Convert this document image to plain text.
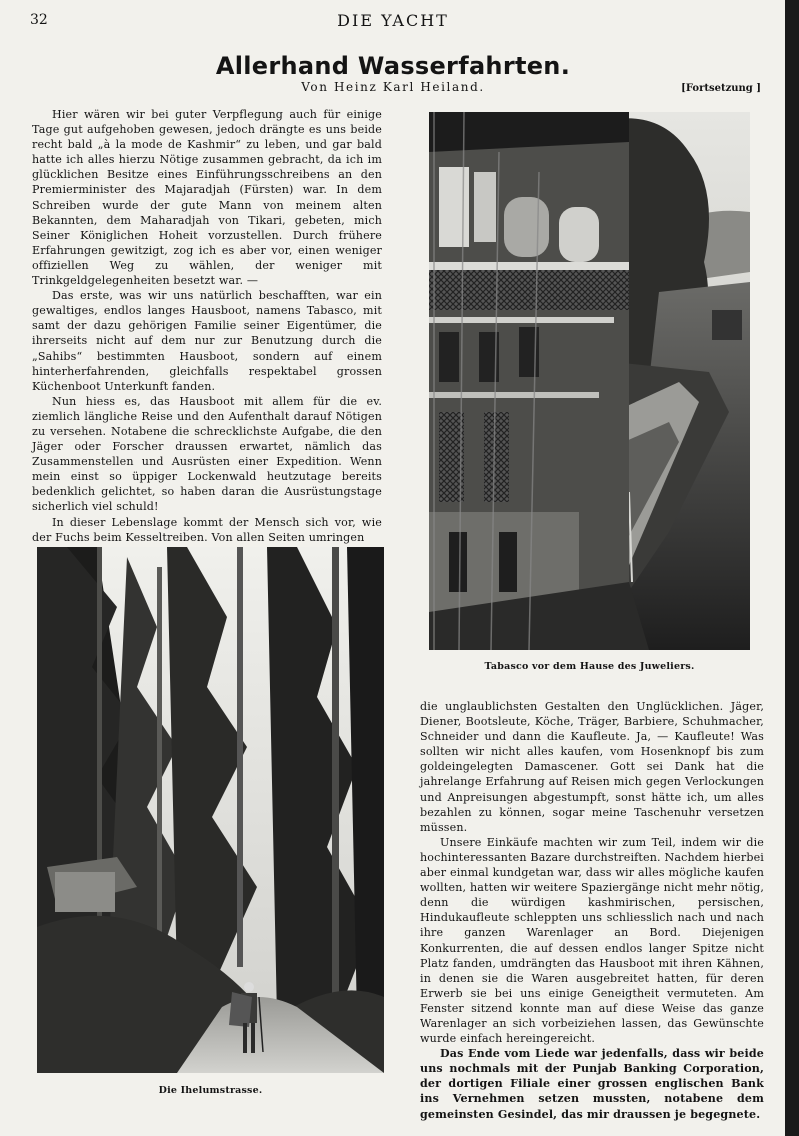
32	DIE YACHT
Allerhand Wasserfahrten.
Von Heinz Karl Heiland.	[Fortsetzung ]

Hier wären wir bei guter Verpflegung auch für einige Tage gut aufgehoben gewesen, jedoch drängte es uns beide recht bald „à la mode de Kashmir“ zu leben, und gar bald hatte ich alles hierzu Nötige zusammen gebracht, da ich im glücklichen Besitze eines Einführungsschreibens an den Premierminister des Majaradjah (Fürsten) war. In dem Schreiben wurde der gute Mann von meinem alten Bekannten, dem Maharadjah von Tikari, gebeten, mich Seiner Königlichen Hoheit vorzustellen. Durch frühere Erfahrungen gewitzigt, zog ich es aber vor, einen weniger offiziellen Weg zu wählen, der weniger mit Trinkgeldgelegenheiten besetzt war. —

Das erste, was wir uns natürlich beschafften, war ein gewaltiges, endlos langes Hausboot, namens Tabasco, mit samt der dazu gehörigen Familie seiner Eigentümer, die ihrerseits nicht auf dem nur zur Benutzung durch die „Sahibs“ bestimmten Hausboot, sondern auf einem hinterherfahrenden, gleichfalls respektabel grossen Küchenboot Unterkunft fanden.

Nun hiess es, das Hausboot mit allem für die ev. ziemlich längliche Reise und den Aufenthalt darauf Nötigen zu versehen. Notabene die schrecklichste Aufgabe, die den Jäger oder Forscher draussen erwartet, nämlich das Zusammenstellen und Ausrüsten einer Expedition. Wenn mein einst so üppiger Lockenwald heutzutage bereits bedenklich gelichtet, so haben daran die Ausrüstungstage sicherlich viel schuld!

In dieser Lebenslage kommt der Mensch sich vor, wie der Fuchs beim Kesseltreiben. Von allen Seiten umringen

Tabasco vor dem Hause des Juweliers.
Die Ihelumstrasse.

die unglaublichsten Gestalten den Unglücklichen. Jäger, Diener, Bootsleute, Köche, Träger, Barbiere, Schuhmacher, Schneider und dann die Kaufleute. Ja, — Kaufleute! Was sollten wir nicht alles kaufen, vom Hosenknopf bis zum goldeingelegten Damascener. Gott sei Dank hat die jahrelange Erfahrung auf Reisen mich gegen Verlockungen und Anpreisungen abgestumpft, sonst hätte ich, um alles bezahlen zu können, sogar meine Taschenuhr versetzen müssen.

Unsere Einkäufe machten wir zum Teil, indem wir die hochinteressanten Bazare durchstreiften. Nachdem hierbei aber einmal kundgetan war, dass wir alles mögliche kaufen wollten, hatten wir weitere Spaziergänge nicht mehr nötig, denn die würdigen kashmirischen, persischen, Hindukaufleute schleppten uns schliesslich nach und nach ihre ganzen Warenlager an Bord. Diejenigen Konkurrenten, die auf dessen endlos langer Spitze nicht Platz fanden, umdrängten das Hausboot mit ihren Kähnen, in denen sie die Waren ausgebreitet hatten, für deren Erwerb sie bei uns einige Geneigtheit vermuteten. Am Fenster sitzend konnte man auf diese Weise das ganze Warenlager an sich vorbeiziehen lassen, das Gewünschte wurde einfach hereingereicht.

Das Ende vom Liede war jedenfalls, dass wir beide uns nochmals mit der Punjab Banking Corporation, der dortigen Filiale einer grossen englischen Bank ins Vernehmen setzen mussten, notabene dem gemeinsten Gesindel, das mir draussen je begegnete.
